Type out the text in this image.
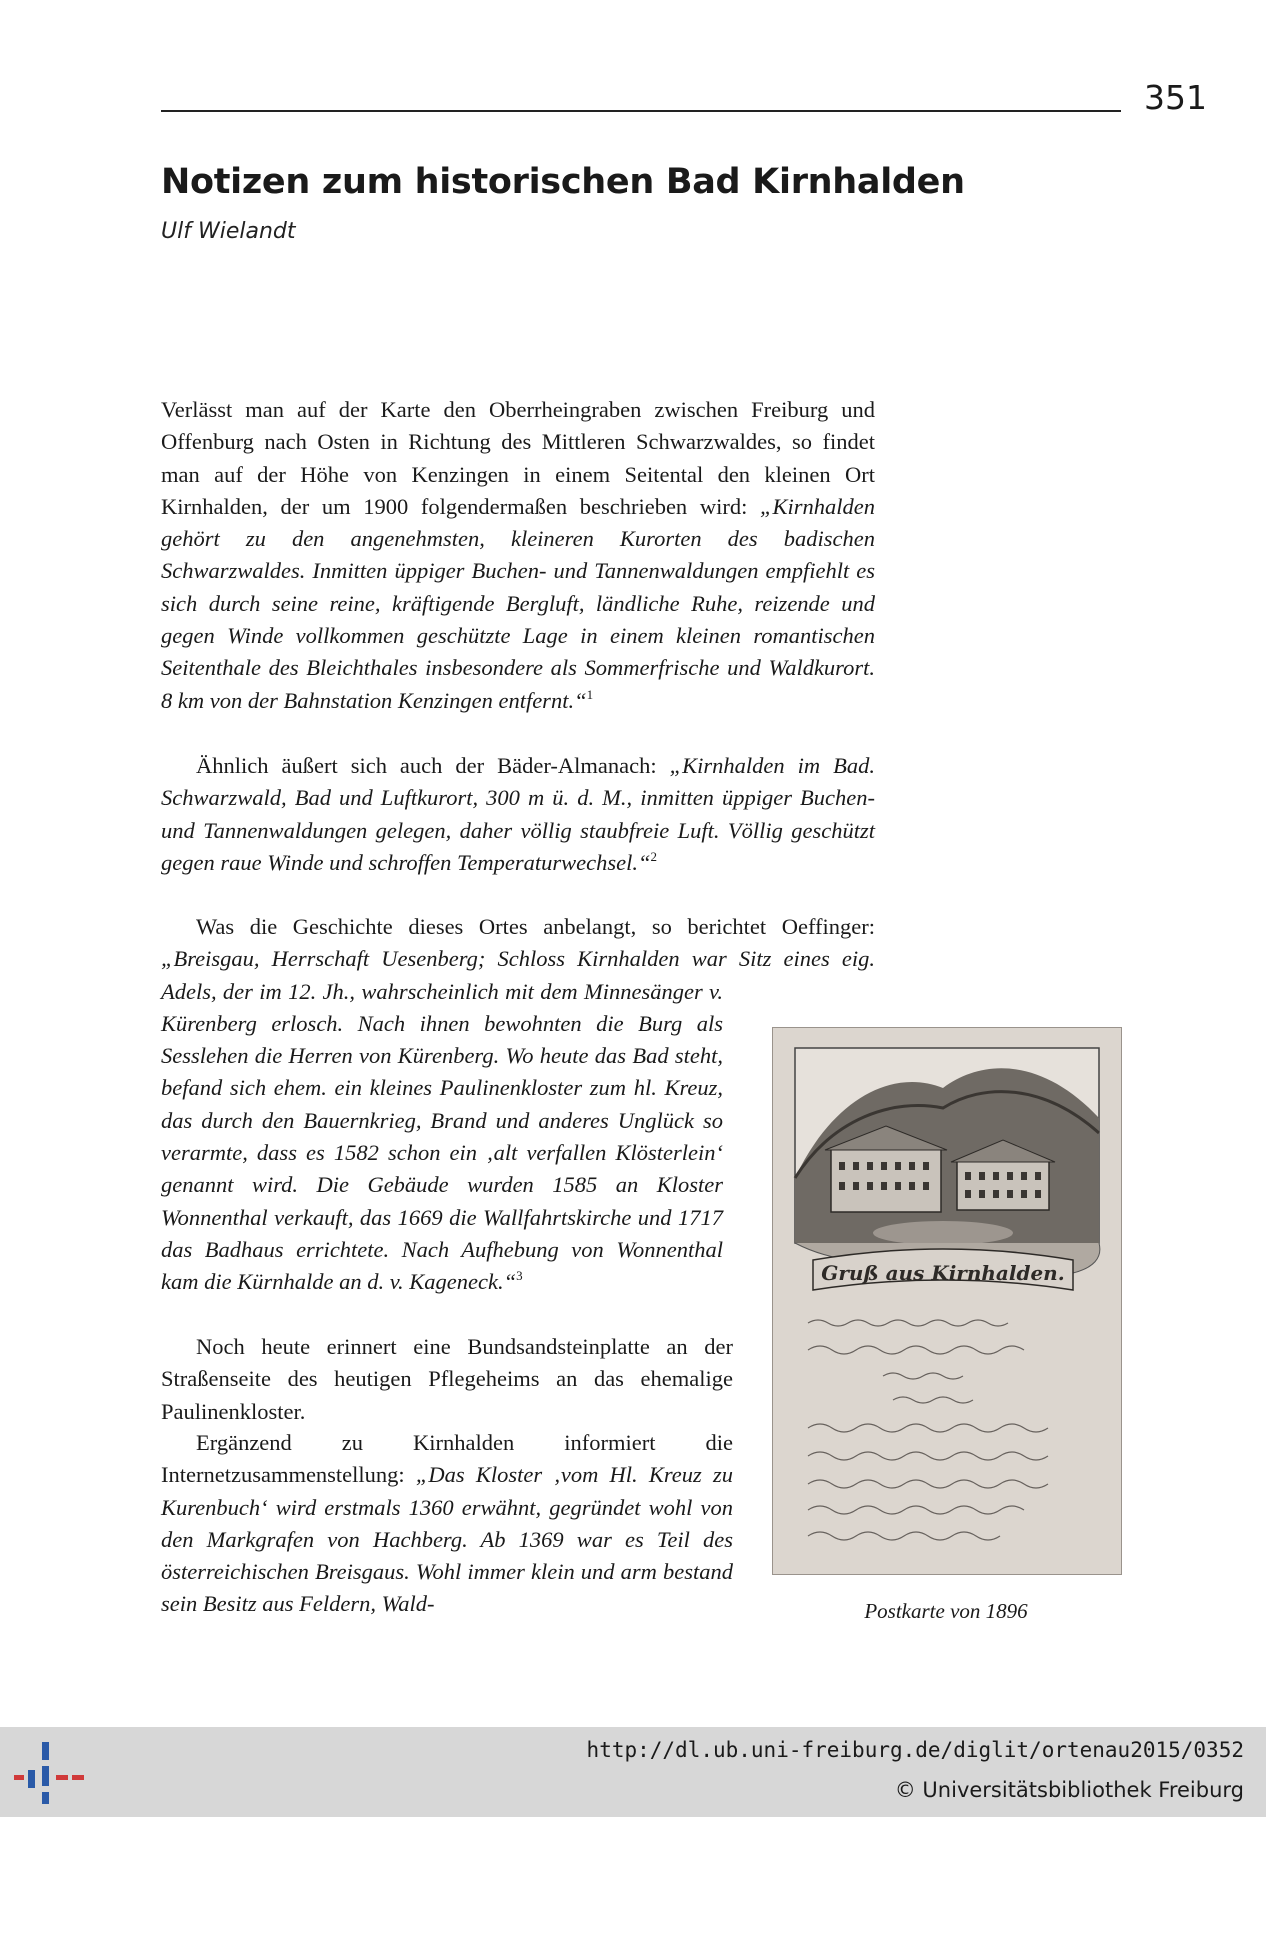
351
Notizen zum historischen Bad Kirnhalden
Ulf Wielandt

Verlässt man auf der Karte den Oberrheingraben zwischen Freiburg und Offenburg nach Osten in Richtung des Mittleren Schwarzwaldes, so findet man auf der Höhe von Kenzingen in einem Seitental den kleinen Ort Kirnhalden, der um 1900 folgendermaßen beschrieben wird: „Kirnhalden gehört zu den angenehmsten, kleineren Kurorten des badischen Schwarzwaldes. Inmitten üppiger Buchen- und Tannenwaldungen empfiehlt es sich durch seine reine, kräftigende Bergluft, ländliche Ruhe, reizende und gegen Winde vollkommen geschützte Lage in einem kleinen romantischen Seitenthale des Bleichthales insbesondere als Sommerfrische und Waldkurort. 8 km von der Bahnstation Kenzingen entfernt.“$^1$

Ähnlich äußert sich auch der Bäder-Almanach: „Kirnhalden im Bad. Schwarzwald, Bad und Luftkurort, 300 m ü. d. M., inmitten üppiger Buchen- und Tannenwaldungen gelegen, daher völlig staubfreie Luft. Völlig geschützt gegen raue Winde und schroffen Temperaturwechsel.“$^2$

Was die Geschichte dieses Ortes anbelangt, so berichtet Oeffinger: „Breisgau, Herrschaft Uesenberg; Schloss Kirnhalden war Sitz eines eig. Adels, der im 12. Jh., wahrscheinlich mit dem Minnesänger v. Kürenberg erlosch. Nach ihnen bewohnten die Burg als Sesslehen die Herren von Kürenberg. Wo heute das Bad steht, befand sich ehem. ein kleines Paulinenkloster zum hl. Kreuz, das durch den Bauernkrieg, Brand und anderes Unglück so verarmte, dass es 1582 schon ein ‚alt verfallen Klösterlein‘ genannt wird. Die Gebäude wurden 1585 an Kloster Wonnenthal verkauft, das 1669 die Wallfahrtskirche und 1717 das Badhaus errichtete. Nach Aufhebung von Wonnenthal kam die Kürnhalde an d. v. Kageneck.“$^3$

Noch heute erinnert eine Bundsandsteinplatte an der Straßenseite des heutigen Pflegeheims an das ehemalige Paulinenkloster.

Ergänzend zu Kirnhalden informiert die Internetzusammenstellung: „Das Kloster ‚vom Hl. Kreuz zu Kurenbuch‘ wird erstmals 1360 erwähnt, gegründet wohl von den Markgrafen von Hachberg. Ab 1369 war es Teil des österreichischen Breisgaus. Wohl immer klein und arm bestand sein Besitz aus Feldern, Wald-

Gruß aus Kirnhalden.
Postkarte von 1896
http://dl.ub.uni-freiburg.de/diglit/ortenau2015/0352
© Universitätsbibliothek Freiburg
